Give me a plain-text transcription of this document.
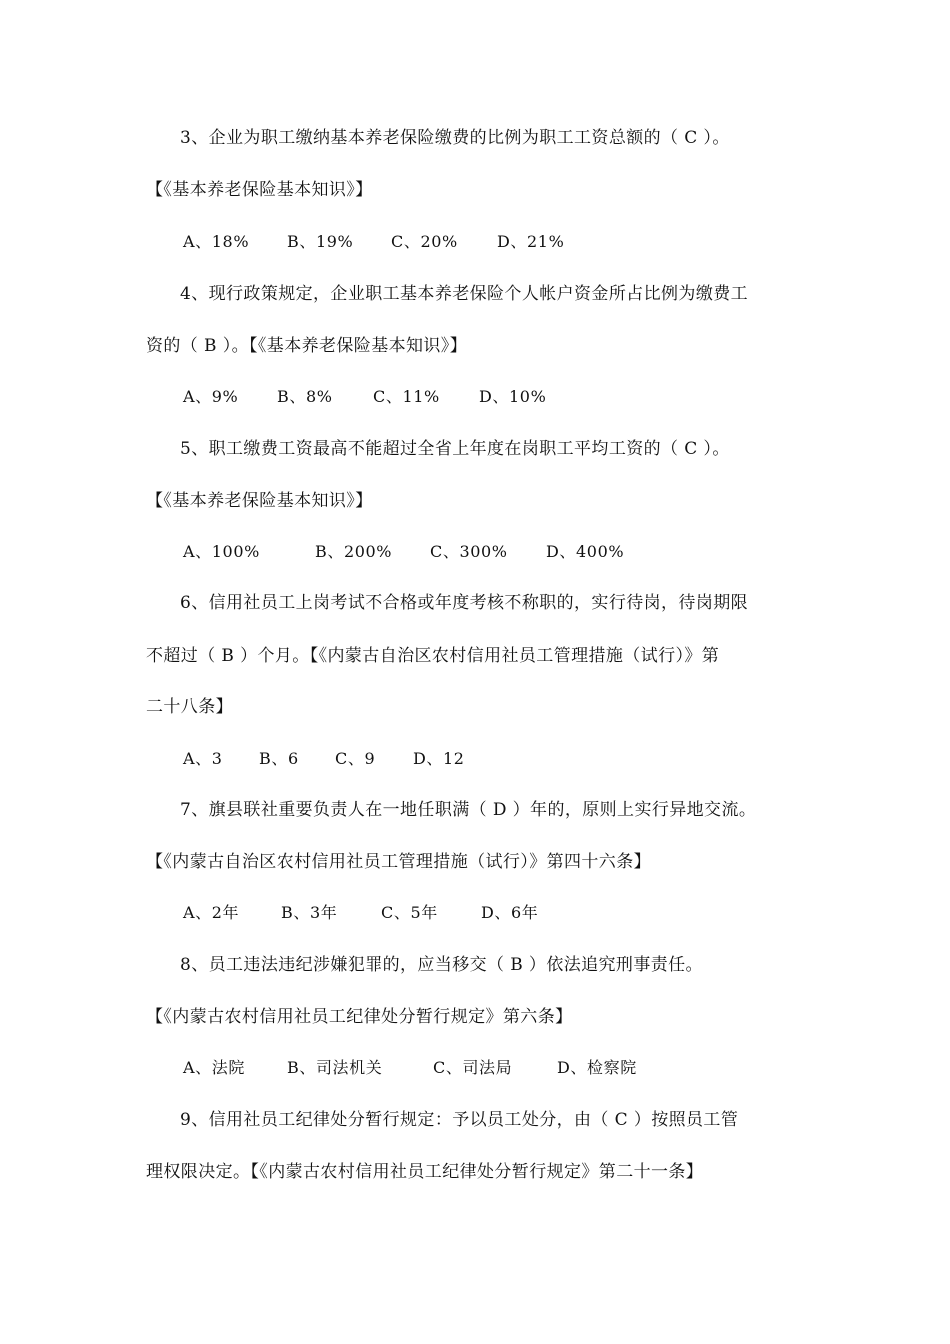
3、企业为职工缴纳基本养老保险缴费的比例为职工工资总额的（ C ）。
【《基本养老保险基本知识》】
A、18% B、19% C、20% D、21%
4、现行政策规定，企业职工基本养老保险个人帐户资金所占比例为缴费工
资的（ B ）。【《基本养老保险基本知识》】
A、9% B、8%	C、11% D、10%
5、职工缴费工资最高不能超过全省上年度在岗职工平均工资的（ C ）。
【《基本养老保险基本知识》】
A、100%	B、200% C、300% D、400%
6、信用社员工上岗考试不合格或年度考核不称职的，实行待岗，待岗期限
不超过（ B ）个月。【《内蒙古自治区农村信用社员工管理措施（试行）》第
二十八条】
A、3 B、6 C、9 D、12
7、旗县联社重要负责人在一地任职满（ D ）年的，原则上实行异地交流。
【《内蒙古自治区农村信用社员工管理措施（试行）》第四十六条】
A、2年	B、3年	C、5年	D、6年
8、员工违法违纪涉嫌犯罪的，应当移交（ B ）依法追究刑事责任。
【《内蒙古农村信用社员工纪律处分暂行规定》第六条】
A、法院	B、司法机关	C、司法局	D、检察院
9、信用社员工纪律处分暂行规定：予以员工处分，由（ C ）按照员工管
理权限决定。【《内蒙古农村信用社员工纪律处分暂行规定》第二十一条】
